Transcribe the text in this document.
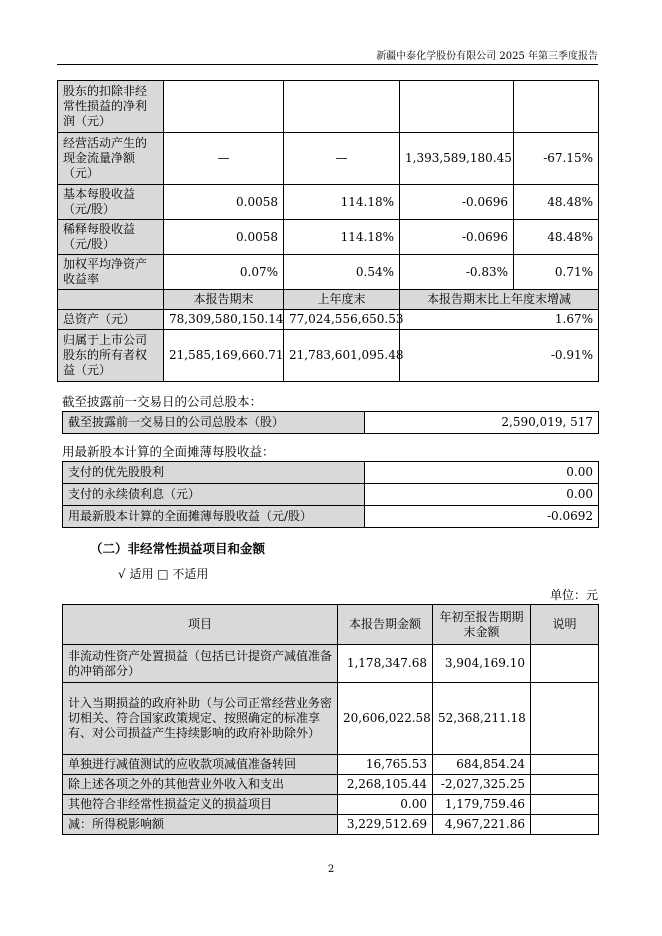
新疆中泰化学股份有限公司 2025 年第三季度报告
股东的扣除非经常性损益的净利润（元）				
经营活动产生的现金流量净额（元）	—	—	1,393,589,180.45	-67.15%
基本每股收益（元/股）	0.0058	114.18%	-0.0696	48.48%
稀释每股收益（元/股）	0.0058	114.18%	-0.0696	48.48%
加权平均净资产收益率	0.07%	0.54%	-0.83%	0.71%
	本报告期末	上年度末	本报告期末比上年度末增减	
总资产（元）	78,309,580,150.14	77,024,556,650.53	1.67%	
归属于上市公司股东的所有者权益（元）	21,585,169,660.71	21,783,601,095.48	-0.91%	
截至披露前一交易日的公司总股本：
截至披露前一交易日的公司总股本（股）	2,590,019, 517
用最新股本计算的全面摊薄每股收益：
支付的优先股股利	0.00
支付的永续债利息（元）	0.00
用最新股本计算的全面摊薄每股收益（元/股）	-0.0692
（二）非经常性损益项目和金额
√ 适用 □ 不适用
单位：元
项目	本报告期金额	年初至报告期期末金额	说明
非流动性资产处置损益（包括已计提资产减值准备的冲销部分）	1,178,347.68	3,904,169.10	
计入当期损益的政府补助（与公司正常经营业务密切相关、符合国家政策规定、按照确定的标准享有、对公司损益产生持续影响的政府补助除外）	20,606,022.58	52,368,211.18	
单独进行减值测试的应收款项减值准备转回	16,765.53	684,854.24	
除上述各项之外的其他营业外收入和支出	2,268,105.44	-2,027,325.25	
其他符合非经常性损益定义的损益项目	0.00	1,179,759.46	
减：所得税影响额	3,229,512.69	4,967,221.86	
2
